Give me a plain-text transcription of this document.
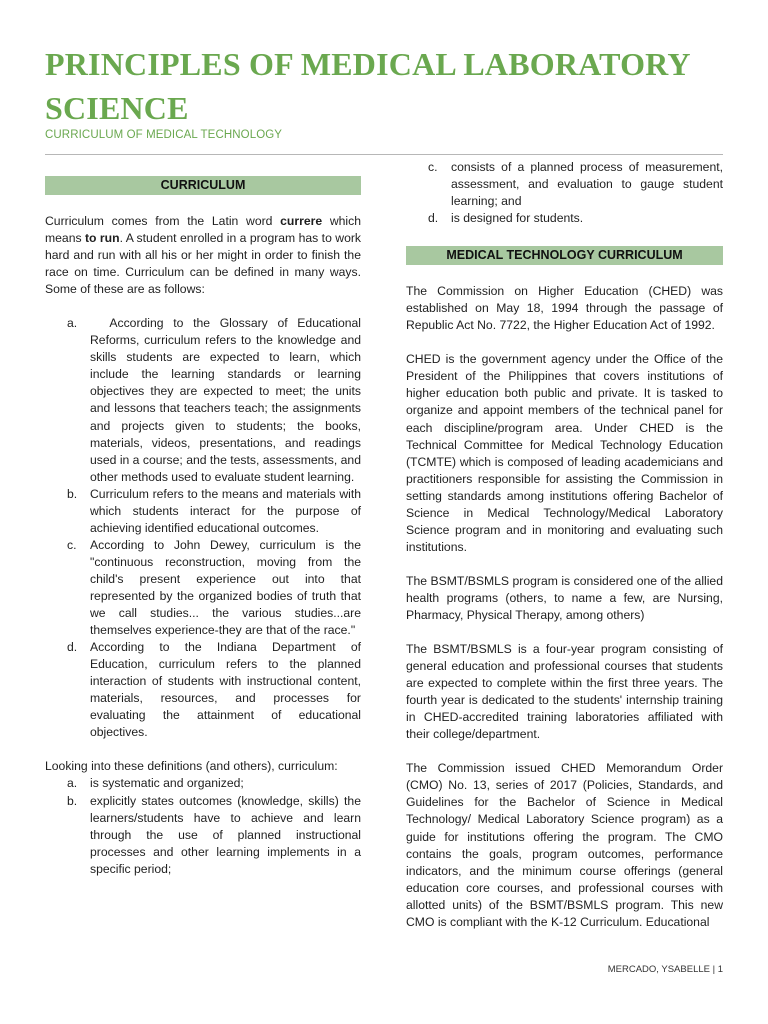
PRINCIPLES OF MEDICAL LABORATORY SCIENCE
CURRICULUM OF MEDICAL TECHNOLOGY
CURRICULUM

Curriculum comes from the Latin word currere which means to run. A student enrolled in a program has to work hard and run with all his or her might in order to finish the race on time. Curriculum can be defined in many ways. Some of these are as follows:

a. According to the Glossary of Educational Reforms, curriculum refers to the knowledge and skills students are expected to learn, which include the learning standards or learning objectives they are expected to meet; the units and lessons that teachers teach; the assignments and projects given to students; the books, materials, videos, presentations, and readings used in a course; and the tests, assessments, and other methods used to evaluate student learning.
b. Curriculum refers to the means and materials with which students interact for the purpose of achieving identified educational outcomes.
c. According to John Dewey, curriculum is the "continuous reconstruction, moving from the child's present experience out into that represented by the organized bodies of truth that we call studies... the various studies...are themselves experience-they are that of the race."
d. According to the Indiana Department of Education, curriculum refers to the planned interaction of students with instructional content, materials, resources, and processes for evaluating the attainment of educational objectives.

Looking into these definitions (and others), curriculum:

a. is systematic and organized;
b. explicitly states outcomes (knowledge, skills) the learners/students have to achieve and learn through the use of planned instructional processes and other learning implements in a specific period;
c. consists of a planned process of measurement, assessment, and evaluation to gauge student learning; and
d. is designed for students.
MEDICAL TECHNOLOGY CURRICULUM

The Commission on Higher Education (CHED) was established on May 18, 1994 through the passage of Republic Act No. 7722, the Higher Education Act of 1992.

CHED is the government agency under the Office of the President of the Philippines that covers institutions of higher education both public and private. It is tasked to organize and appoint members of the technical panel for each discipline/program area. Under CHED is the Technical Committee for Medical Technology Education (TCMTE) which is composed of leading academicians and practitioners responsible for assisting the Commission in setting standards among institutions offering Bachelor of Science in Medical Technology/Medical Laboratory Science program and in monitoring and evaluating such institutions.

The BSMT/BSMLS program is considered one of the allied health programs (others, to name a few, are Nursing, Pharmacy, Physical Therapy, among others)

The BSMT/BSMLS is a four-year program consisting of general education and professional courses that students are expected to complete within the first three years. The fourth year is dedicated to the students' internship training in CHED-accredited training laboratories affiliated with their college/department.

The Commission issued CHED Memorandum Order (CMO) No. 13, series of 2017 (Policies, Standards, and Guidelines for the Bachelor of Science in Medical Technology/ Medical Laboratory Science program) as a guide for institutions offering the program. The CMO contains the goals, program outcomes, performance indicators, and the minimum course offerings (general education core courses, and professional courses with allotted units) of the BSMT/BSMLS program. This new CMO is compliant with the K-12 Curriculum. Educational

MERCADO, YSABELLE | 1
